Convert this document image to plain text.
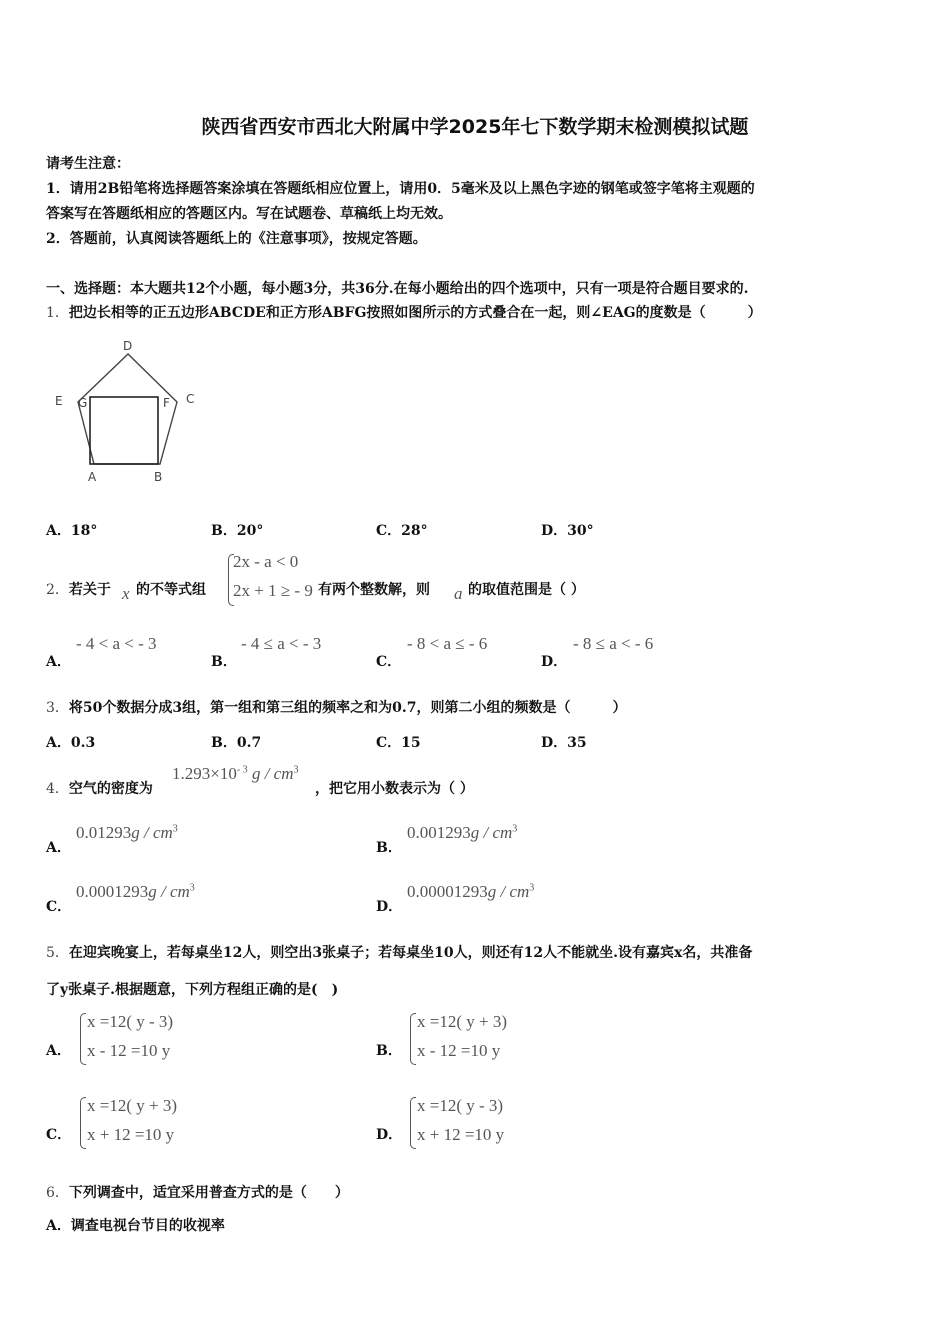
陕西省西安市西北大附属中学2025年七下数学期末检测模拟试题
请考生注意：
1．请用2B铅笔将选择题答案涂填在答题纸相应位置上，请用0．5毫米及以上黑色字迹的钢笔或签字笔将主观题的
答案写在答题纸相应的答题区内。写在试题卷、草稿纸上均无效。
2．答题前，认真阅读答题纸上的《注意事项》，按规定答题。
一、选择题：本大题共12个小题，每小题3分，共36分.在每小题给出的四个选项中，只有一项是符合题目要求的.
1．把边长相等的正五边形ABCDE和正方形ABFG按照如图所示的方式叠合在一起，则∠EAG的度数是（　　　）
D
E G	F C
A	B
A．18°	B．20°	C．28°	D．30°
2．若关于 x 的不等式组
2x - a < 0
2x + 1 ≥ - 9 有两个整数解，则 a 的取值范围是（ ）
A．
- 4 < a < - 3
B．
- 4 ≤ a < - 3
C．
- 8 < a ≤ - 6
D．
- 8 ≤ a < - 6
3．将50个数据分成3组，第一组和第三组的频率之和为0.7，则第二小组的频数是（　　　）
A．0.3	B．0.7	C．15	D．35
4．空气的密度为
$1.293\times 10^{- 3}$ g / $cm^3$
，把它用小数表示为（ ）
A．
$0.01293g / cm^3$
B．
$0.001293g / cm^3$
C．
$0.0001293g / cm^3$
D．
$0.00001293g / cm^3$
5．在迎宾晚宴上，若每桌坐12人，则空出3张桌子；若每桌坐10人，则还有12人不能就坐.设有嘉宾x名，共准备
了y张桌子.根据题意，下列方程组正确的是(　)
A．
x =12( y - 3)
x - 12 =10 y	B．
x =12( y + 3)
x - 12 =10 y
C．
x =12( y + 3)
x + 12 =10 y	D．
x =12( y - 3)
x + 12 =10 y
6．下列调查中，适宜采用普查方式的是（　　）
A．调查电视台节目的收视率
